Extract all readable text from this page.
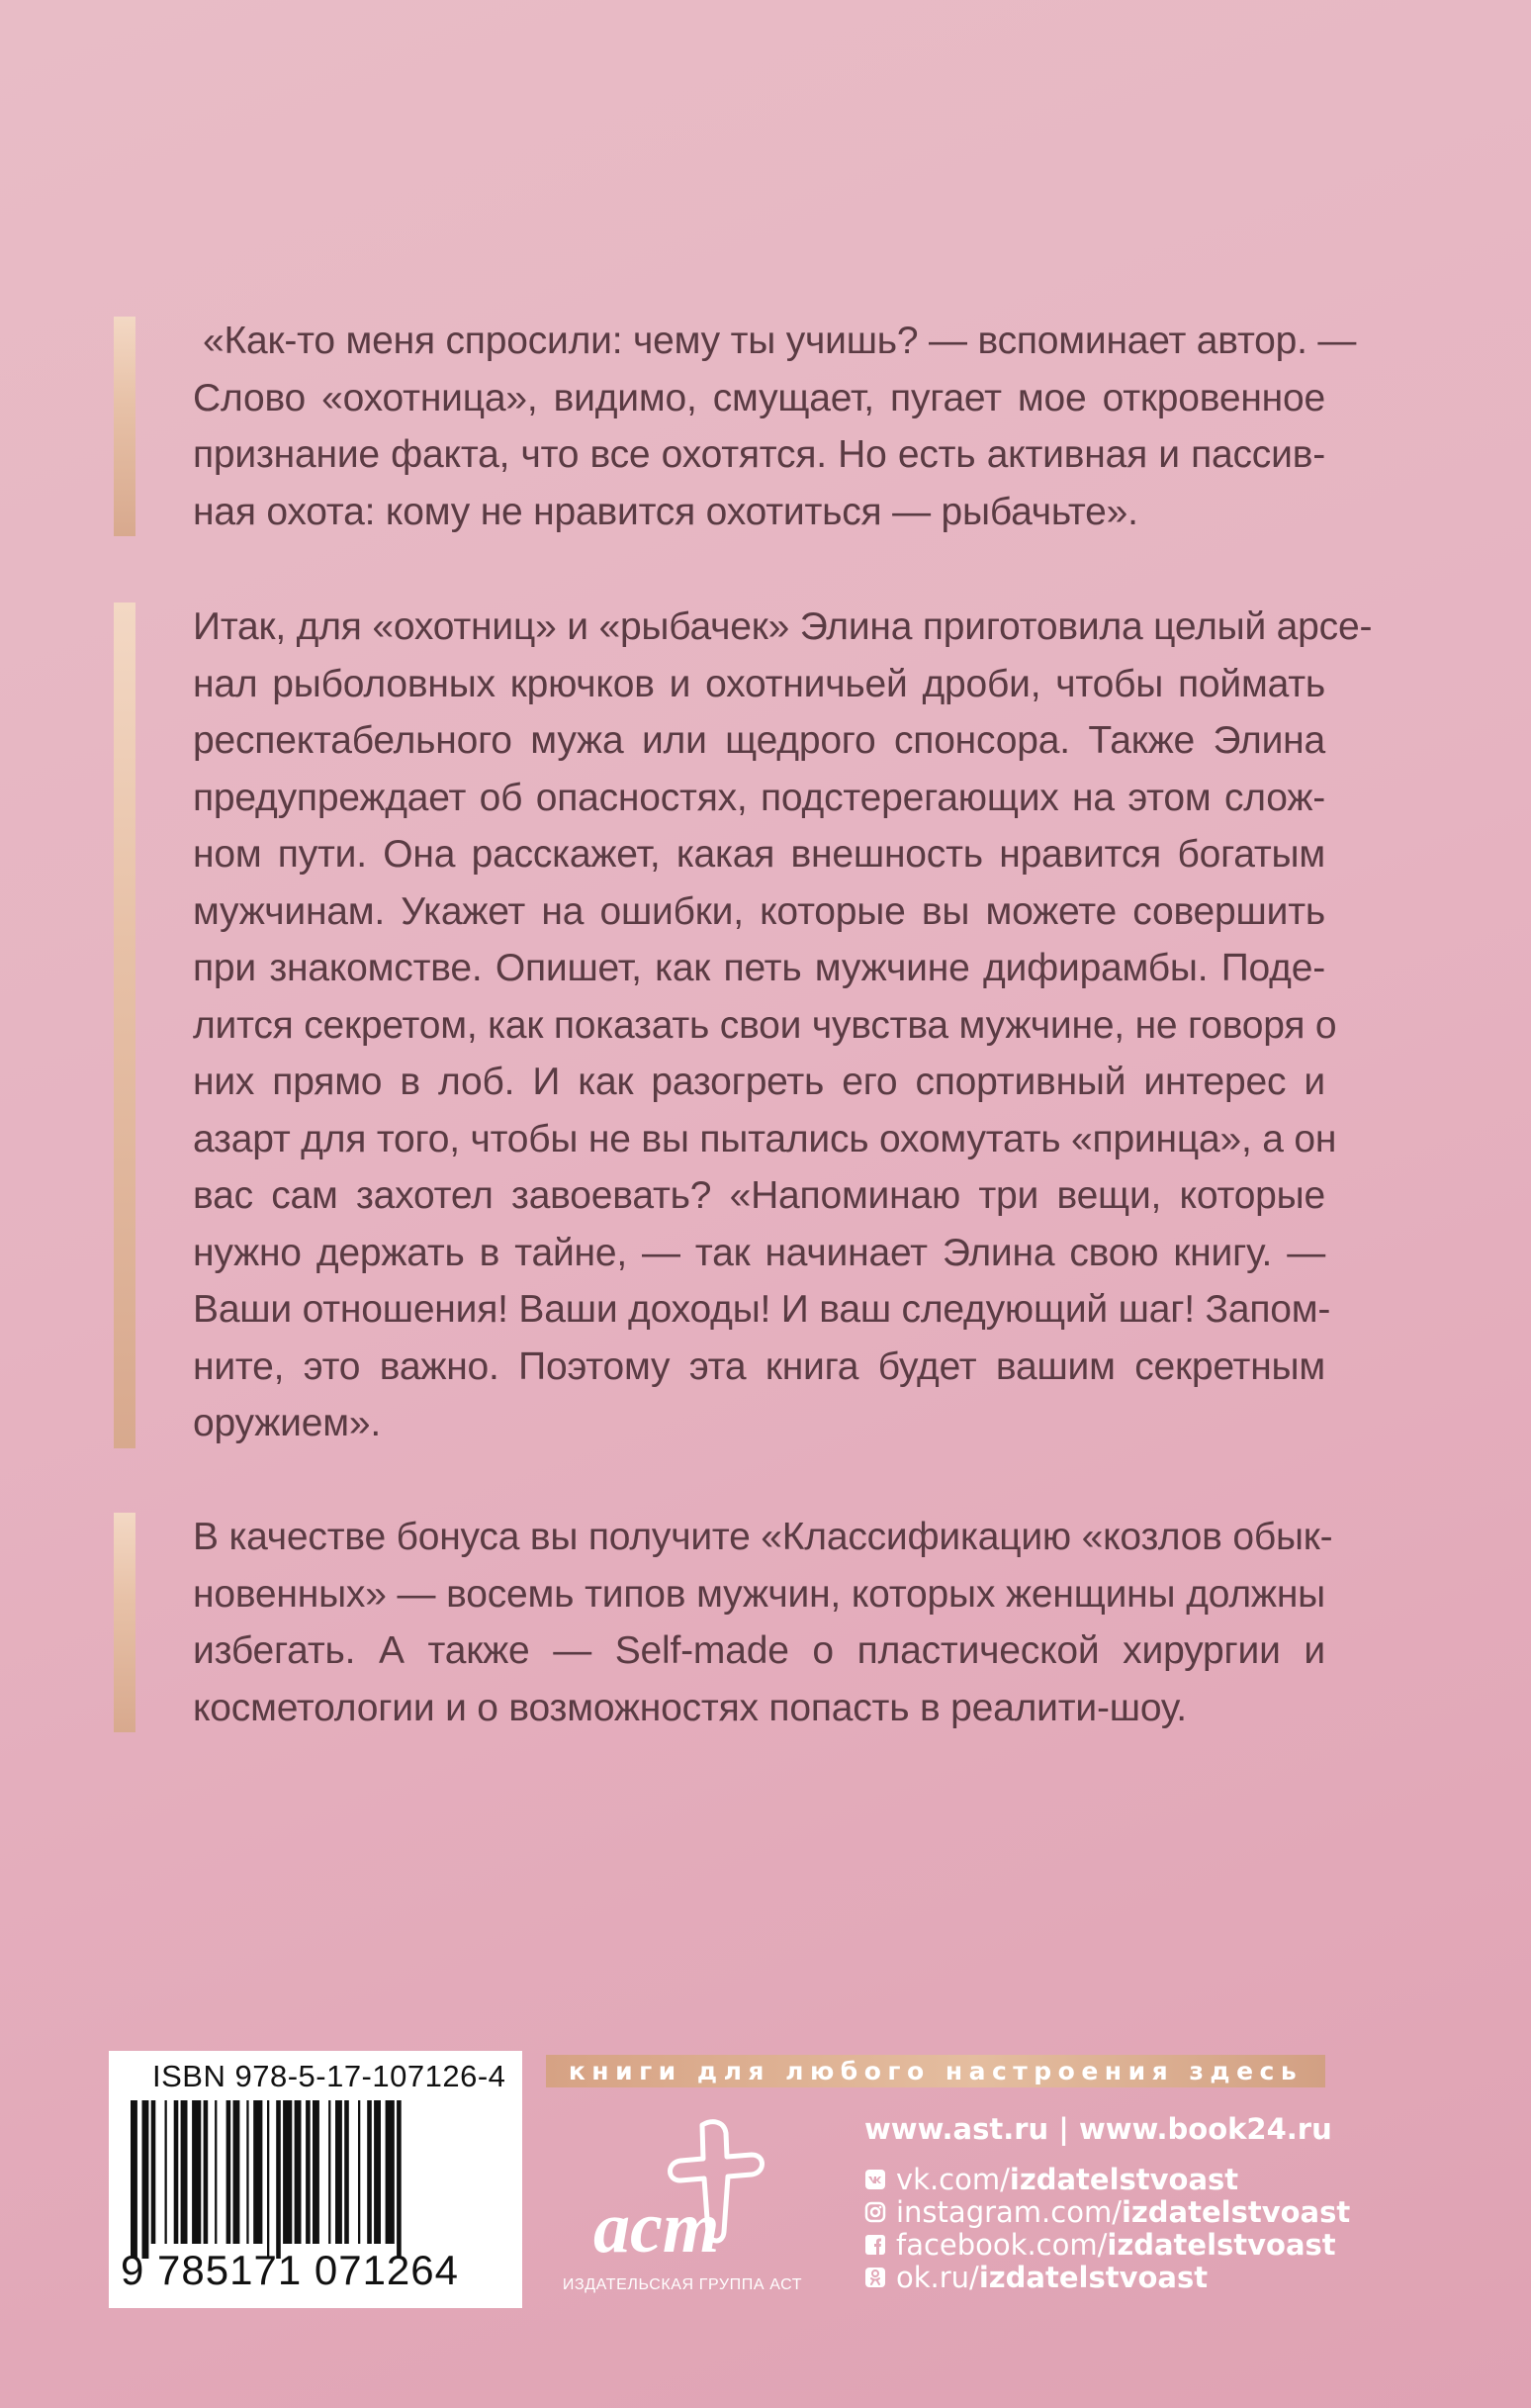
«Как-то меня спросили: чему ты учишь? — вспоминает автор. —
Слово «охотница», видимо, смущает, пугает мое откровенное
признание факта, что все охотятся. Но есть активная и пассив-
ная охота: кому не нравится охотиться — рыбачьте».
Итак, для «охотниц» и «рыбачек» Элина приготовила целый арсе-
нал рыболовных крючков и охотничьей дроби, чтобы поймать
респектабельного мужа или щедрого спонсора. Также Элина
предупреждает об опасностях, подстерегающих на этом слож-
ном пути. Она расскажет, какая внешность нравится богатым
мужчинам. Укажет на ошибки, которые вы можете совершить
при знакомстве. Опишет, как петь мужчине дифирамбы. Поде-
лится секретом, как показать свои чувства мужчине, не говоря о
них прямо в лоб. И как разогреть его спортивный интерес и
азарт для того, чтобы не вы пытались охомутать «принца», а он
вас сам захотел завоевать? «Напоминаю три вещи, которые
нужно держать в тайне, — так начинает Элина свою книгу. —
Ваши отношения! Ваши доходы! И ваш следующий шаг! Запом-
ните, это важно. Поэтому эта книга будет вашим секретным
оружием».
В качестве бонуса вы получите «Классификацию «козлов обык-
новенных» — восемь типов мужчин, которых женщины должны
избегать. А также — Self-made о пластической хирургии и
косметологии и о возможностях попасть в реалити-шоу.
ISBN 978-5-17-107126-4
9 785171 071264
книги для любого настроения здесь
аст
ИЗДАТЕЛЬСКАЯ ГРУППА АСТ
www.ast.ru | www.book24.ru
vk.com/ izdatelstvoast
instagram.com/ izdatelstvoast
facebook.com/ izdatelstvoast
ok.ru/ izdatelstvoast
